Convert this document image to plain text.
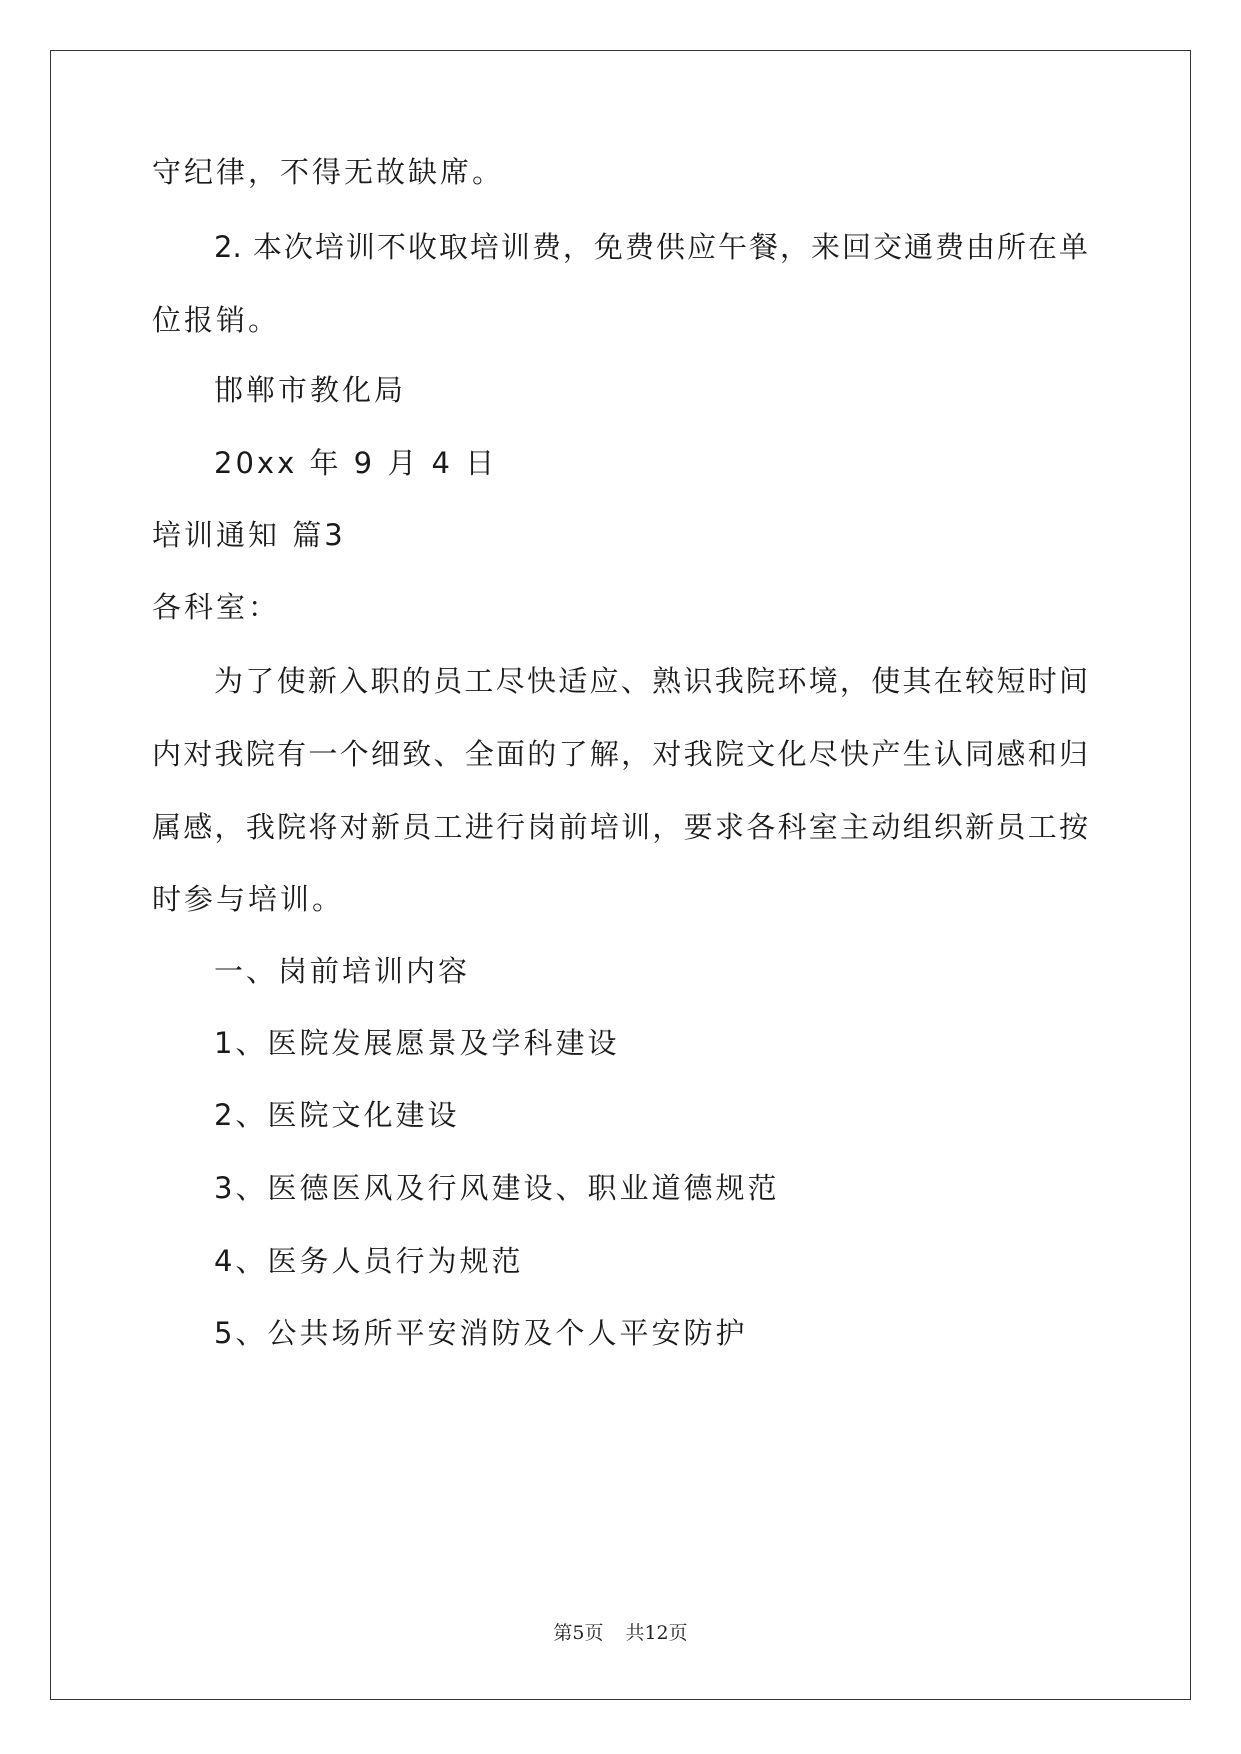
守纪律，不得无故缺席。
2. 本次培训不收取培训费，免费供应午餐，来回交通费由所在单
位报销。
邯郸市教化局
20xx 年 9 月 4 日
培训通知 篇3
各科室：
为了使新入职的员工尽快适应、熟识我院环境，使其在较短时间
内对我院有一个细致、全面的了解，对我院文化尽快产生认同感和归
属感，我院将对新员工进行岗前培训，要求各科室主动组织新员工按
时参与培训。
一、岗前培训内容
1、医院发展愿景及学科建设
2、医院文化建设
3、医德医风及行风建设、职业道德规范
4、医务人员行为规范
5、公共场所平安消防及个人平安防护
第5页 共12页
